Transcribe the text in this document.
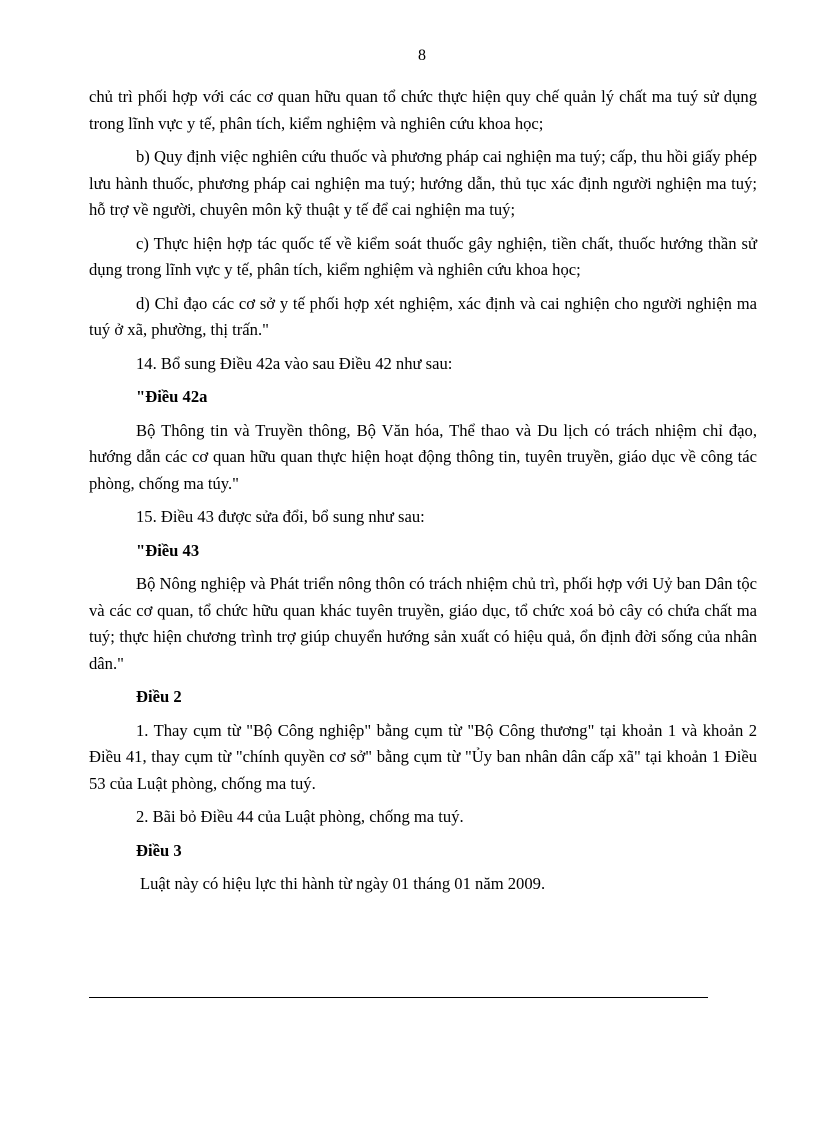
8

chủ trì phối hợp với các cơ quan hữu quan tổ chức thực hiện quy chế quản lý chất ma tuý sử dụng trong lĩnh vực y tế, phân tích, kiểm nghiệm và nghiên cứu khoa học;

b) Quy định việc nghiên cứu thuốc và phương pháp cai nghiện ma tuý; cấp, thu hồi giấy phép lưu hành thuốc, phương pháp cai nghiện ma tuý; hướng dẫn, thủ tục xác định người nghiện ma tuý; hỗ trợ về người, chuyên môn kỹ thuật y tế để cai nghiện ma tuý;

c) Thực hiện hợp tác quốc tế về kiểm soát thuốc gây nghiện, tiền chất, thuốc hướng thần sử dụng trong lĩnh vực y tế, phân tích, kiểm nghiệm và nghiên cứu khoa học;

d) Chỉ đạo các cơ sở y tế phối hợp xét nghiệm, xác định và cai nghiện cho người nghiện ma tuý ở xã, phường, thị trấn."

14. Bổ sung Điều 42a vào sau Điều 42 như sau:

"Điều 42a

Bộ Thông tin và Truyền thông, Bộ Văn hóa, Thể thao và Du lịch có trách nhiệm chỉ đạo, hướng dẫn các cơ quan hữu quan thực hiện hoạt động thông tin, tuyên truyền, giáo dục về công tác phòng, chống ma túy."

15. Điều 43 được sửa đổi, bổ sung như sau:

"Điều 43

Bộ Nông nghiệp và Phát triển nông thôn có trách nhiệm chủ trì, phối hợp với Uỷ ban Dân tộc và các cơ quan, tổ chức hữu quan khác tuyên truyền, giáo dục, tổ chức xoá bỏ cây có chứa chất ma tuý; thực hiện chương trình trợ giúp chuyển hướng sản xuất có hiệu quả, ổn định đời sống của nhân dân."

Điều 2

1. Thay cụm từ "Bộ Công nghiệp" bằng cụm từ "Bộ Công thương" tại khoản 1 và khoản 2 Điều 41, thay cụm từ "chính quyền cơ sở" bằng cụm từ "Ủy ban nhân dân cấp xã" tại khoản 1 Điều 53 của Luật phòng, chống ma tuý.

2. Bãi bỏ Điều 44 của Luật phòng, chống ma tuý.

Điều 3

Luật này có hiệu lực thi hành từ ngày 01 tháng 01 năm 2009.
